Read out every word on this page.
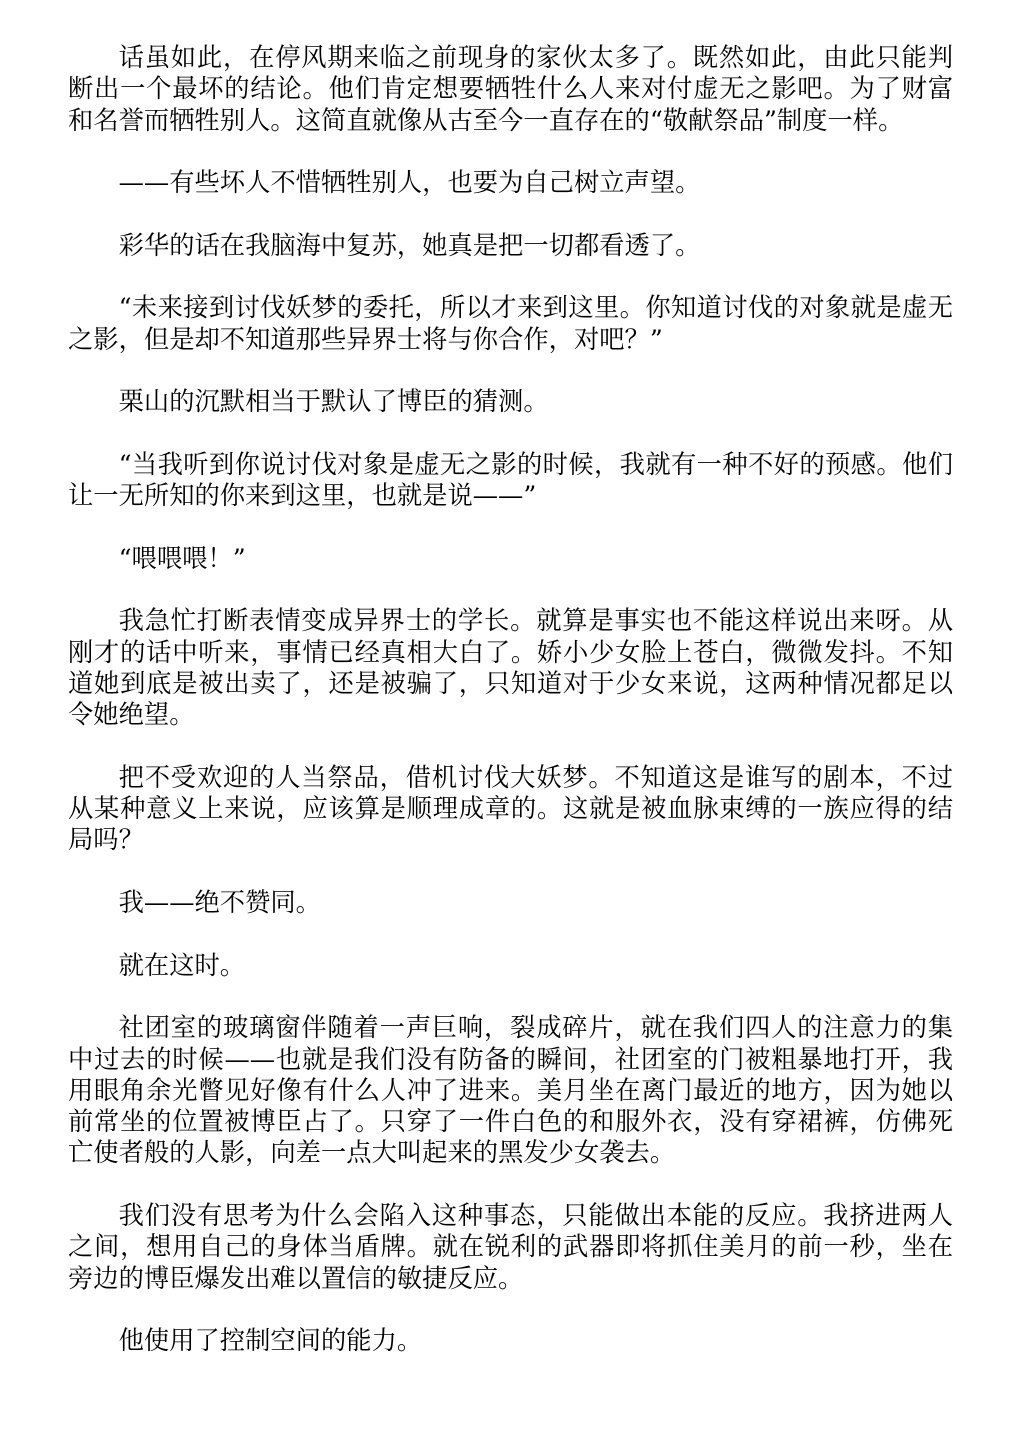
话虽如此，在停风期来临之前现身的家伙太多了。既然如此，由此只能判断出一个最坏的结论。他们肯定想要牺牲什么人来对付虚无之影吧。为了财富和名誉而牺牲别人。这简直就像从古至今一直存在的“敬献祭品”制度一样。

——有些坏人不惜牺牲别人，也要为自己树立声望。

彩华的话在我脑海中复苏，她真是把一切都看透了。

“未来接到讨伐妖梦的委托，所以才来到这里。你知道讨伐的对象就是虚无之影，但是却不知道那些异界士将与你合作，对吧？”

栗山的沉默相当于默认了博臣的猜测。

“当我听到你说讨伐对象是虚无之影的时候，我就有一种不好的预感。他们让一无所知的你来到这里，也就是说——”

“喂喂喂！”

我急忙打断表情变成异界士的学长。就算是事实也不能这样说出来呀。从刚才的话中听来，事情已经真相大白了。娇小少女脸上苍白，微微发抖。不知道她到底是被出卖了，还是被骗了，只知道对于少女来说，这两种情况都足以令她绝望。

把不受欢迎的人当祭品，借机讨伐大妖梦。不知道这是谁写的剧本，不过从某种意义上来说，应该算是顺理成章的。这就是被血脉束缚的一族应得的结局吗？

我——绝不赞同。

就在这时。

社团室的玻璃窗伴随着一声巨响，裂成碎片，就在我们四人的注意力的集中过去的时候——也就是我们没有防备的瞬间，社团室的门被粗暴地打开，我用眼角余光瞥见好像有什么人冲了进来。美月坐在离门最近的地方，因为她以前常坐的位置被博臣占了。只穿了一件白色的和服外衣，没有穿裙裤，仿佛死亡使者般的人影，向差一点大叫起来的黑发少女袭去。

我们没有思考为什么会陷入这种事态，只能做出本能的反应。我挤进两人之间，想用自己的身体当盾牌。就在锐利的武器即将抓住美月的前一秒，坐在旁边的博臣爆发出难以置信的敏捷反应。

他使用了控制空间的能力。
